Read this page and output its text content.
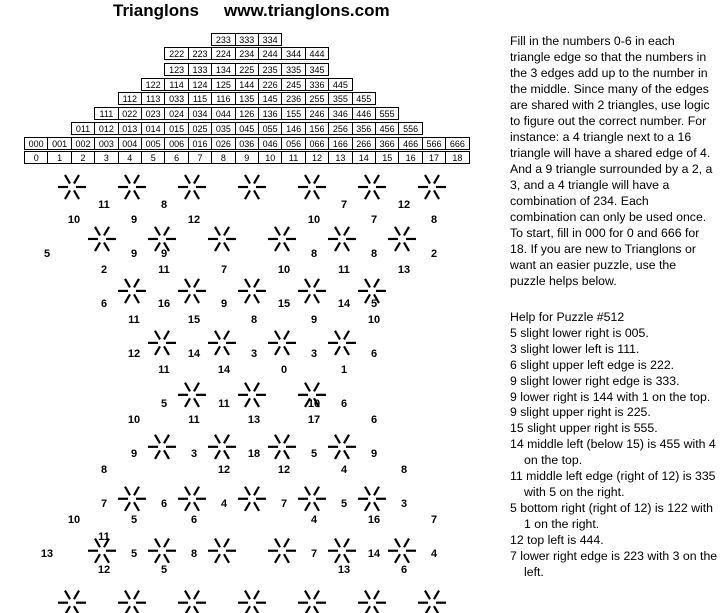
Trianglons www.trianglons.com
233 333 334
222 223 224 234 244 344 444
123 133 134 225 235 335 345
122 114 124 125 144 226 245 336 445
112	113 033 115	116 135 145 236 255 355 455
111	022 023 024 034 044 126 136 155 246 346 446 555
011 012 013 014 015 025 035 045 055 146 156 256 356 456 556
000 001 002 003 004 005 006 016 026 036 046 056 066 166 266 366 466 566 666
0	1	2	3	4	5	6	7	8	9	10	11	12	13	14	15	16	17	18
11	8	7	12
10	9	12	10	7	8
5	9 9	8	8	2
2	11	7	10	11	13
6	16	9	15	14 5
11	15	8	9	10
12	14	3	3	6
11	14	0	1
5	11	10 6
10	11	13	17	6
9	3	18	5	9
8	12	12	4	8
7	6	4	7	5	3
10	5	6	4	16	7
13
11
5	8	7	14	4
12	5	13	6

Fill in the numbers 0-6 in each triangle edge so that the numbers in the 3 edges add up to the number in the middle. Since many of the edges are shared with 2 triangles, use logic to figure out the correct number. For instance: a 4 triangle next to a 16 triangle will have a shared edge of 4. And a 9 triangle surrounded by a 2, a 3, and a 4 triangle will have a combination of 234. Each combination can only be used once. To start, fill in 000 for 0 and 666 for 18. If you are new to Trianglons or want an easier puzzle, use the puzzle helps below.

Help for Puzzle #512

5 slight lower right is 005.

3 slight lower left is 111.

6 slight upper left edge is 222.

9 slight lower right edge is 333.

9 lower right is 144 with 1 on the top.

9 slight upper right is 225.

15 slight upper right is 555.

14 middle left (below 15) is 455 with 4 on the top.

11 middle left edge (right of 12) is 335 with 5 on the right.

5 bottom right (right of 12) is 122 with 1 on the right.

12 top left is 444.

7 lower right edge is 223 with 3 on the left.
